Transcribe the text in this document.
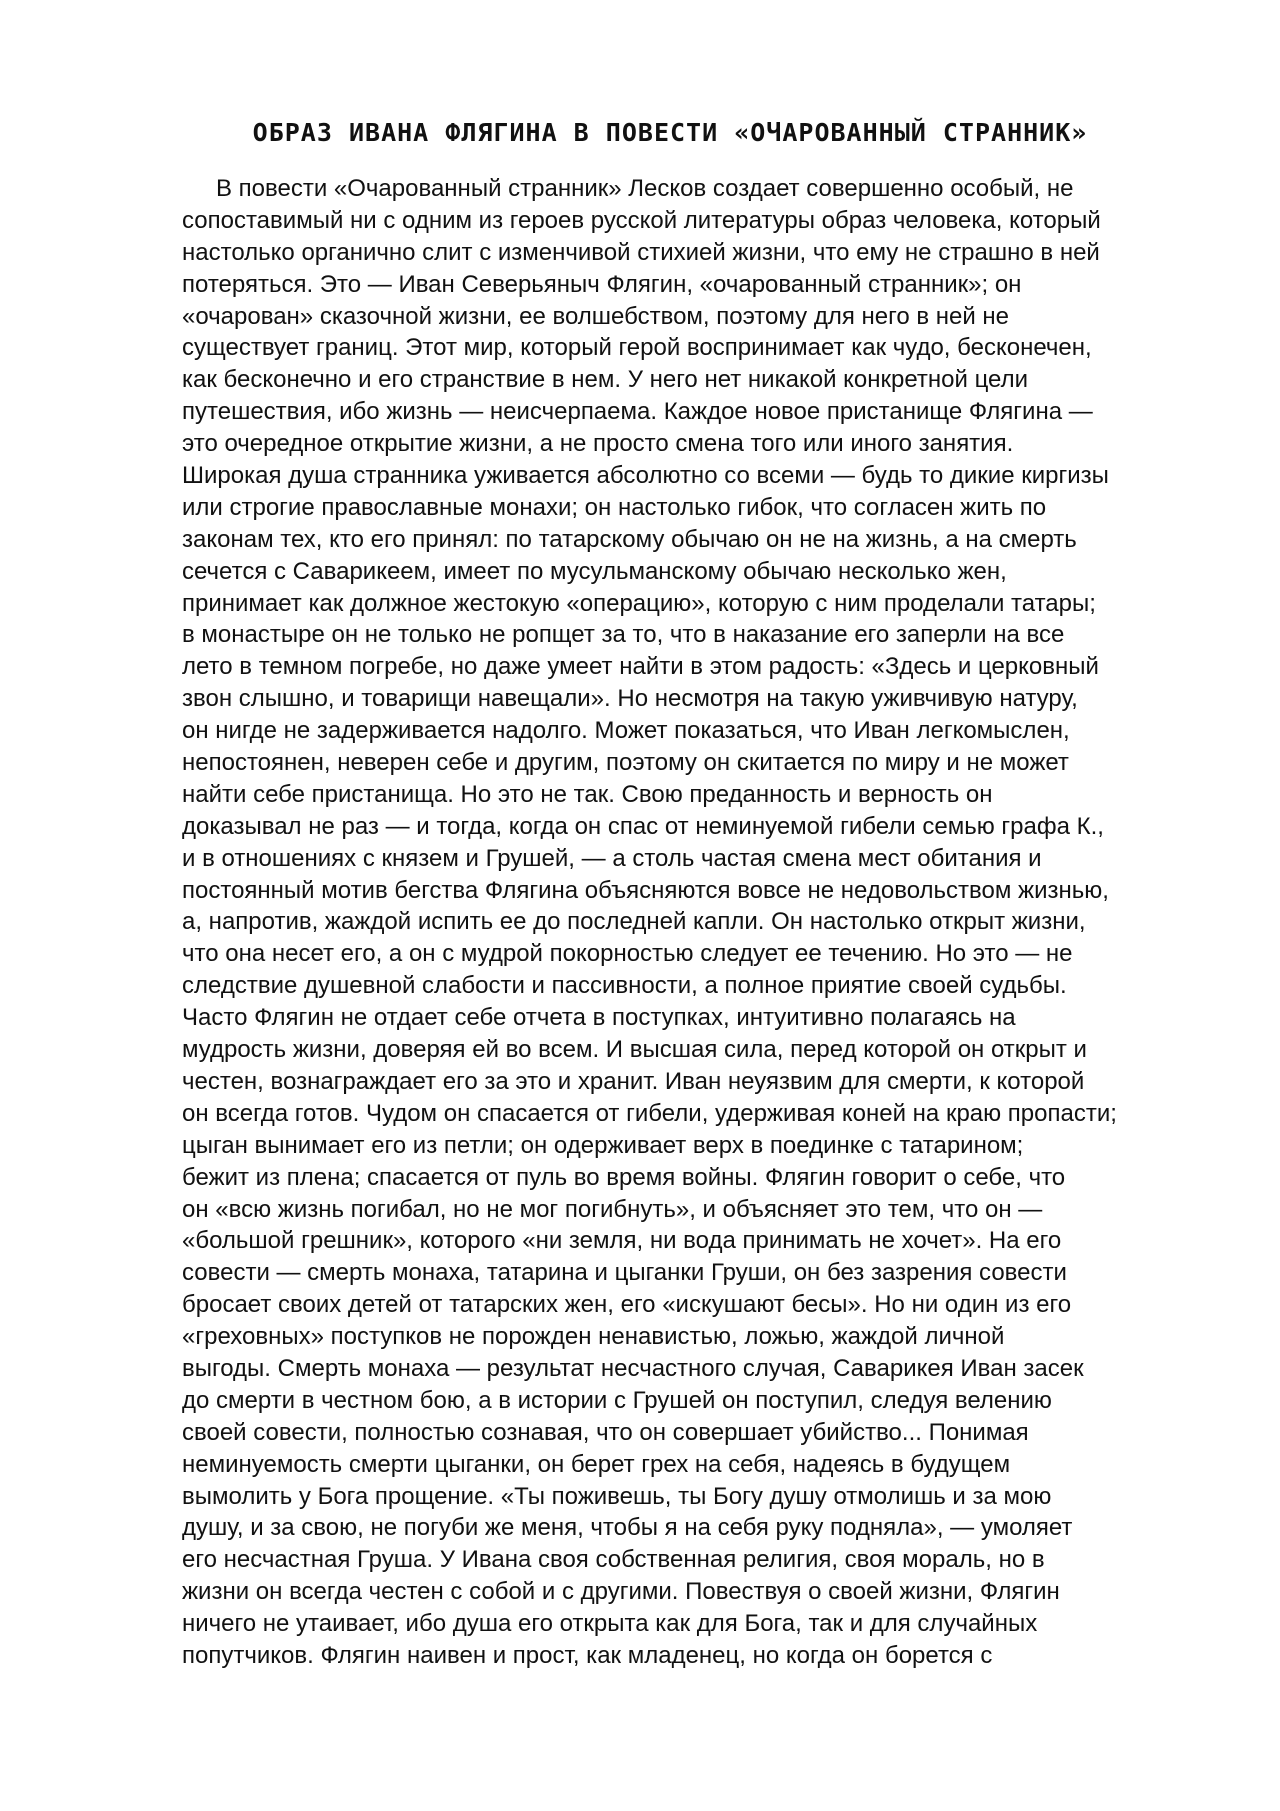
ОБРАЗ ИВАНА ФЛЯГИНА В ПОВЕСТИ «ОЧАРОВАННЫЙ СТРАННИК»
В повести «Очарованный странник» Лесков создает совершенно особый, не
сопоставимый ни с одним из героев русской литературы образ человека, который
настолько органично слит с изменчивой стихией жизни, что ему не страшно в ней
потеряться. Это — Иван Северьяныч Флягин, «очарованный странник»; он
«очарован» сказочной жизни, ее волшебством, поэтому для него в ней не
существует границ. Этот мир, который герой воспринимает как чудо, бесконечен,
как бесконечно и его странствие в нем. У него нет никакой конкретной цели
путешествия, ибо жизнь — неисчерпаема. Каждое новое пристанище Флягина —
это очередное открытие жизни, а не просто смена того или иного занятия.
Широкая душа странника уживается абсолютно со всеми — будь то дикие киргизы
или строгие православные монахи; он настолько гибок, что согласен жить по
законам тех, кто его принял: по татарскому обычаю он не на жизнь, а на смерть
сечется с Саварикеем, имеет по мусульманскому обычаю несколько жен,
принимает как должное жестокую «операцию», которую с ним проделали татары;
в монастыре он не только не ропщет за то, что в наказание его заперли на все
лето в темном погребе, но даже умеет найти в этом радость: «Здесь и церковный
звон слышно, и товарищи навещали». Но несмотря на такую уживчивую натуру,
он нигде не задерживается надолго. Может показаться, что Иван легкомыслен,
непостоянен, неверен себе и другим, поэтому он скитается по миру и не может
найти себе пристанища. Но это не так. Свою преданность и верность он
доказывал не раз — и тогда, когда он спас от неминуемой гибели семью графа К.,
и в отношениях с князем и Грушей, — а столь частая смена мест обитания и
постоянный мотив бегства Флягина объясняются вовсе не недовольством жизнью,
а, напротив, жаждой испить ее до последней капли. Он настолько открыт жизни,
что она несет его, а он с мудрой покорностью следует ее течению. Но это — не
следствие душевной слабости и пассивности, а полное приятие своей судьбы.
Часто Флягин не отдает себе отчета в поступках, интуитивно полагаясь на
мудрость жизни, доверяя ей во всем. И высшая сила, перед которой он открыт и
честен, вознаграждает его за это и хранит. Иван неуязвим для смерти, к которой
он всегда готов. Чудом он спасается от гибели, удерживая коней на краю пропасти;
цыган вынимает его из петли; он одерживает верх в поединке с татарином;
бежит из плена; спасается от пуль во время войны. Флягин говорит о себе, что
он «всю жизнь погибал, но не мог погибнуть», и объясняет это тем, что он —
«большой грешник», которого «ни земля, ни вода принимать не хочет». На его
совести — смерть монаха, татарина и цыганки Груши, он без зазрения совести
бросает своих детей от татарских жен, его «искушают бесы». Но ни один из его
«греховных» поступков не порожден ненавистью, ложью, жаждой личной
выгоды. Смерть монаха — результат несчастного случая, Саварикея Иван засек
до смерти в честном бою, а в истории с Грушей он поступил, следуя велению
своей совести, полностью сознавая, что он совершает убийство... Понимая
неминуемость смерти цыганки, он берет грех на себя, надеясь в будущем
вымолить у Бога прощение. «Ты поживешь, ты Богу душу отмолишь и за мою
душу, и за свою, не погуби же меня, чтобы я на себя руку подняла», — умоляет
его несчастная Груша. У Ивана своя собственная религия, своя мораль, но в
жизни он всегда честен с собой и с другими. Повествуя о своей жизни, Флягин
ничего не утаивает, ибо душа его открыта как для Бога, так и для случайных
попутчиков. Флягин наивен и прост, как младенец, но когда он борется с
